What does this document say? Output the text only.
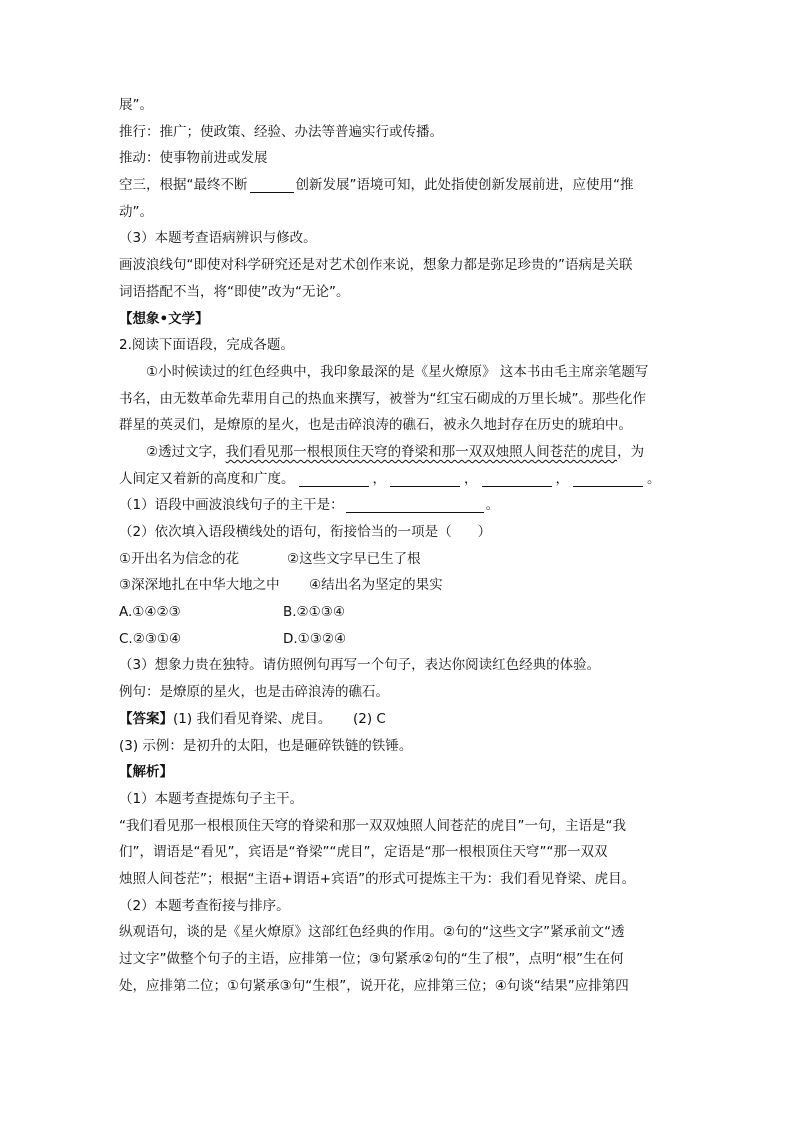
展”。
推行：推广；使政策、经验、办法等普遍实行或传播。
推动：使事物前进或发展
空三，根据“最终不断	创新发展”语境可知，此处指使创新发展前进，应使用“推
动”。
（3）本题考查语病辨识与修改。
画波浪线句“即使对科学研究还是对艺术创作来说，想象力都是弥足珍贵的”语病是关联
词语搭配不当，将“即使”改为“无论”。
【想象•文学】
2.阅读下面语段，完成各题。
①小时候读过的红色经典中，我印象最深的是《星火燎原》 这本书由毛主席亲笔题写
书名，由无数革命先辈用自己的热血来撰写，被誉为“红宝石砌成的万里长城”。那些化作
群星的英灵们，是燎原的星火，也是击碎浪涛的礁石，被永久地封存在历史的琥珀中。
②透过文字，我们看见那一根根顶住天穹的脊梁和那一双双烛照人间苍茫的虎目，为
人间定又着新的高度和广度。	，	，	，	。
（1）语段中画波浪线句子的主干是：	。
（2）依次填入语段横线处的语句，衔接恰当的一项是（ ）
①开出名为信念的花	②这些文字早已生了根
③深深地扎在中华大地之中 ④结出名为坚定的果实
A.①④②③	B.②①③④
C.②③①④	D.①③②④
（3）想象力贵在独特。请仿照例句再写一个句子，表达你阅读红色经典的体验。
例句：是燎原的星火，也是击碎浪涛的礁石。
【答案】(1) 我们看见脊梁、虎目。 (2) C
(3) 示例：是初升的太阳，也是砸碎铁链的铁锤。
【解析】
（1）本题考查提炼句子主干。
“我们看见那一根根顶住天穹的脊梁和那一双双烛照人间苍茫的虎目”一句，主语是“我
们”，谓语是“看见”，宾语是“脊梁”“虎目”，定语是“那一根根顶住天穹”“那一双双
烛照人间苍茫”；根据“主语+谓语+宾语”的形式可提炼主干为：我们看见脊梁、虎目。
（2）本题考查衔接与排序。
纵观语句，谈的是《星火燎原》这部红色经典的作用。②句的“这些文字”紧承前文“透
过文字”做整个句子的主语，应排第一位；③句紧承②句的“生了根”，点明“根”生在何
处，应排第二位；①句紧承③句“生根”，说开花，应排第三位；④句谈“结果”应排第四
